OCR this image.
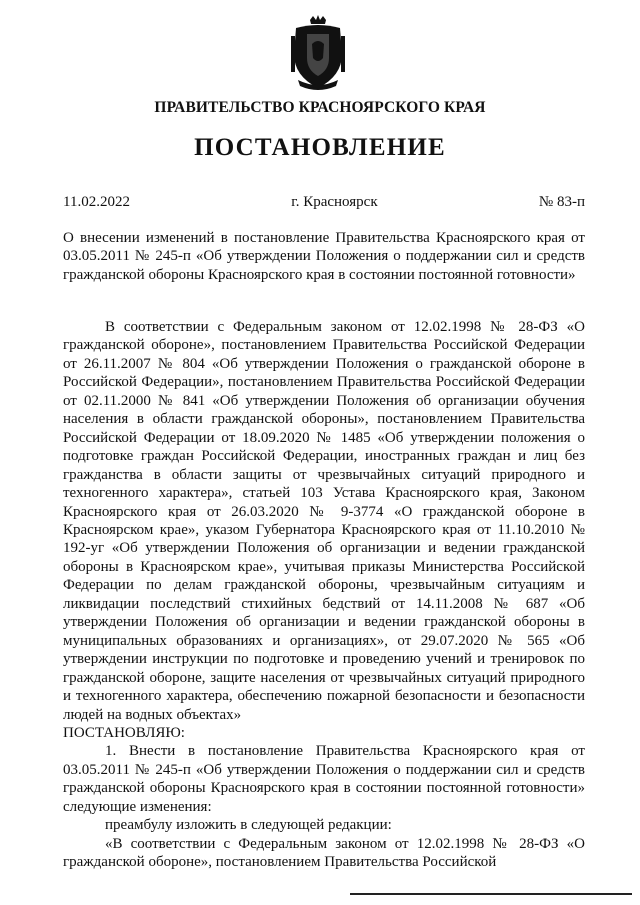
ПРАВИТЕЛЬСТВО КРАСНОЯРСКОГО КРАЯ
ПОСТАНОВЛЕНИЕ
11.02.2022	г. Красноярск	№ 83-п
О внесении изменений в постановление Правительства Красноярского края от 03.05.2011 № 245-п «Об утверждении Положения о поддержании сил и средств гражданской обороны Красноярского края в состоянии постоянной готовности»

В соответствии с Федеральным законом от 12.02.1998 № 28-ФЗ «О гражданской обороне», постановлением Правительства Российской Федерации от 26.11.2007 № 804 «Об утверждении Положения о гражданской обороне в Российской Федерации», постановлением Правительства Российской Федерации от 02.11.2000 № 841 «Об утверждении Положения об организации обучения населения в области гражданской обороны», постановлением Правительства Российской Федерации от 18.09.2020 № 1485 «Об утверждении положения о подготовке граждан Российской Федерации, иностранных граждан и лиц без гражданства в области защиты от чрезвычайных ситуаций природного и техногенного характера», статьей 103 Устава Красноярского края, Законом Красноярского края от 26.03.2020 № 9-3774 «О гражданской обороне в Красноярском крае», указом Губернатора Красноярского края от 11.10.2010 № 192-уг «Об утверждении Положения об организации и ведении гражданской обороны в Красноярском крае», учитывая приказы Министерства Российской Федерации по делам гражданской обороны, чрезвычайным ситуациям и ликвидации последствий стихийных бедствий от 14.11.2008 № 687 «Об утверждении Положения об организации и ведении гражданской обороны в муниципальных образованиях и организациях», от 29.07.2020 № 565 «Об утверждении инструкции по подготовке и проведению учений и тренировок по гражданской обороне, защите населения от чрезвычайных ситуаций природного и техногенного характера, обеспечению пожарной безопасности и безопасности людей на водных объектах»

ПОСТАНОВЛЯЮ:

1. Внести в постановление Правительства Красноярского края от 03.05.2011 № 245-п «Об утверждении Положения о поддержании сил и средств гражданской обороны Красноярского края в состоянии постоянной готовности» следующие изменения:

преамбулу изложить в следующей редакции:

«В соответствии с Федеральным законом от 12.02.1998 № 28-ФЗ «О гражданской обороне», постановлением Правительства Российской
